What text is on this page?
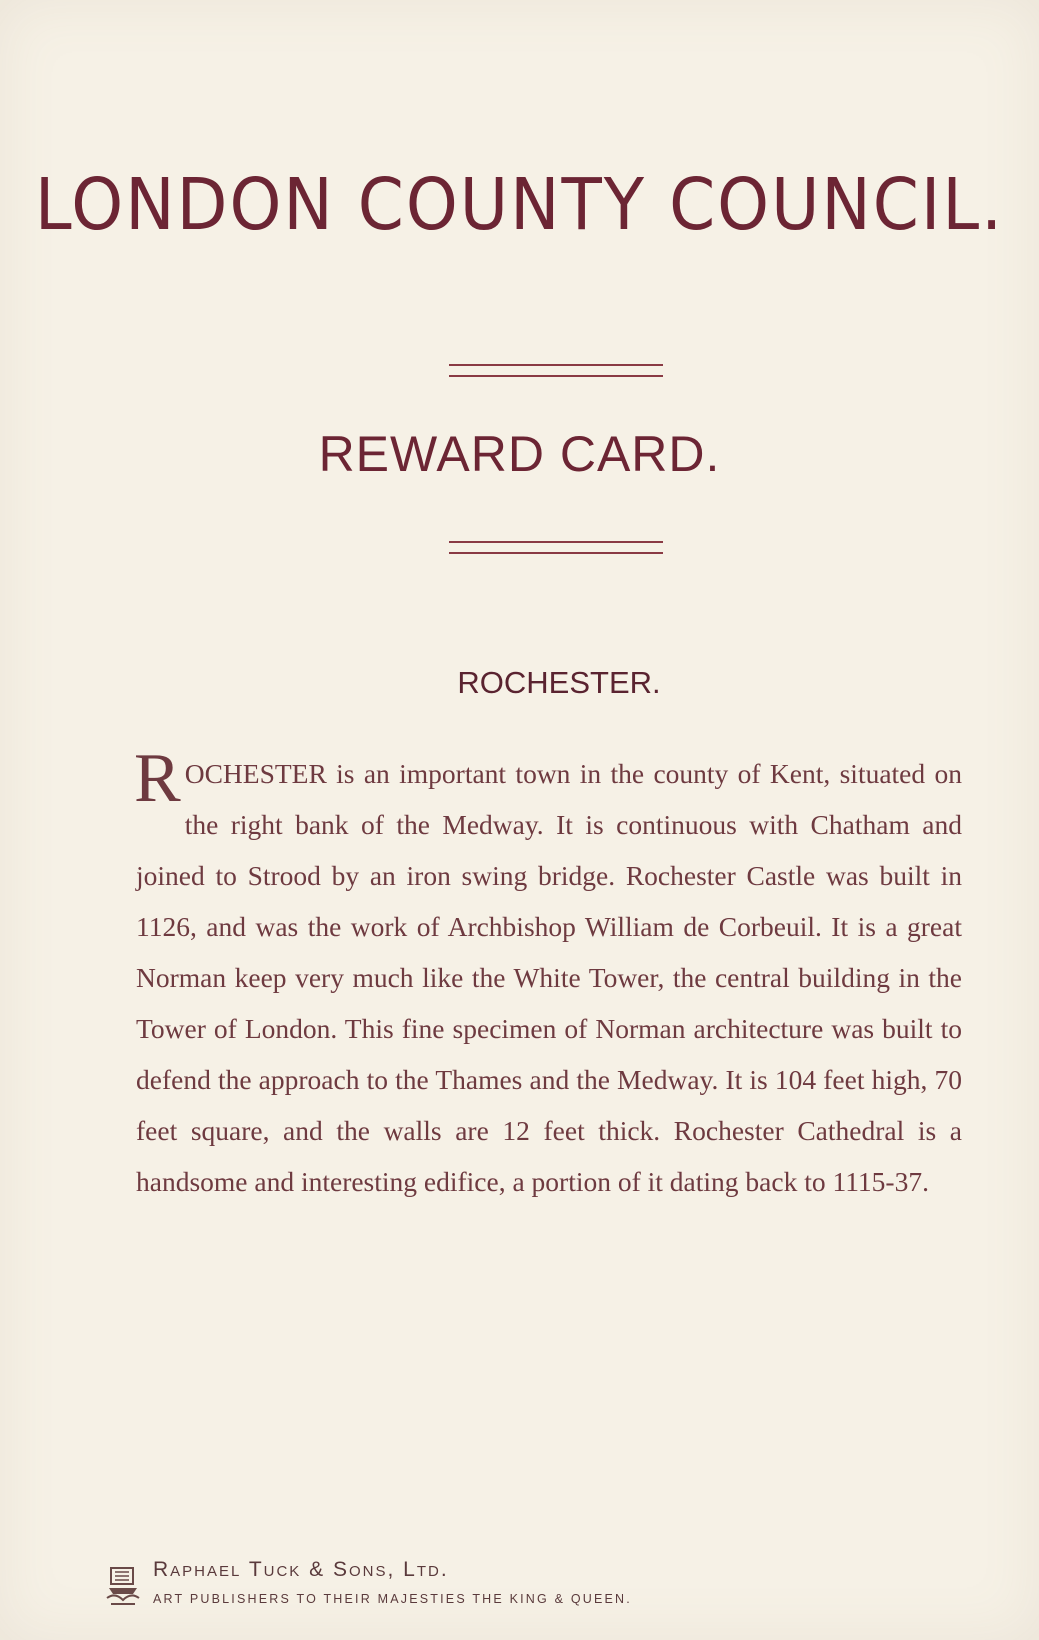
LONDON COUNTY COUNCIL.
REWARD CARD.
ROCHESTER.
ROCHESTER is an important town in the county of Kent, situated on the right bank of the Medway. It is continuous with Chatham and joined to Strood by an iron swing bridge. Rochester Castle was built in 1126, and was the work of Archbishop William de Corbeuil. It is a great Norman keep very much like the White Tower, the central building in the Tower of London. This fine specimen of Norman architecture was built to defend the approach to the Thames and the Medway. It is 104 feet high, 70 feet square, and the walls are 12 feet thick. Rochester Cathedral is a handsome and interesting edifice, a portion of it dating back to 1115-37.
Raphael Tuck & Sons, Ltd.
ART PUBLISHERS TO THEIR MAJESTIES THE KING & QUEEN.
